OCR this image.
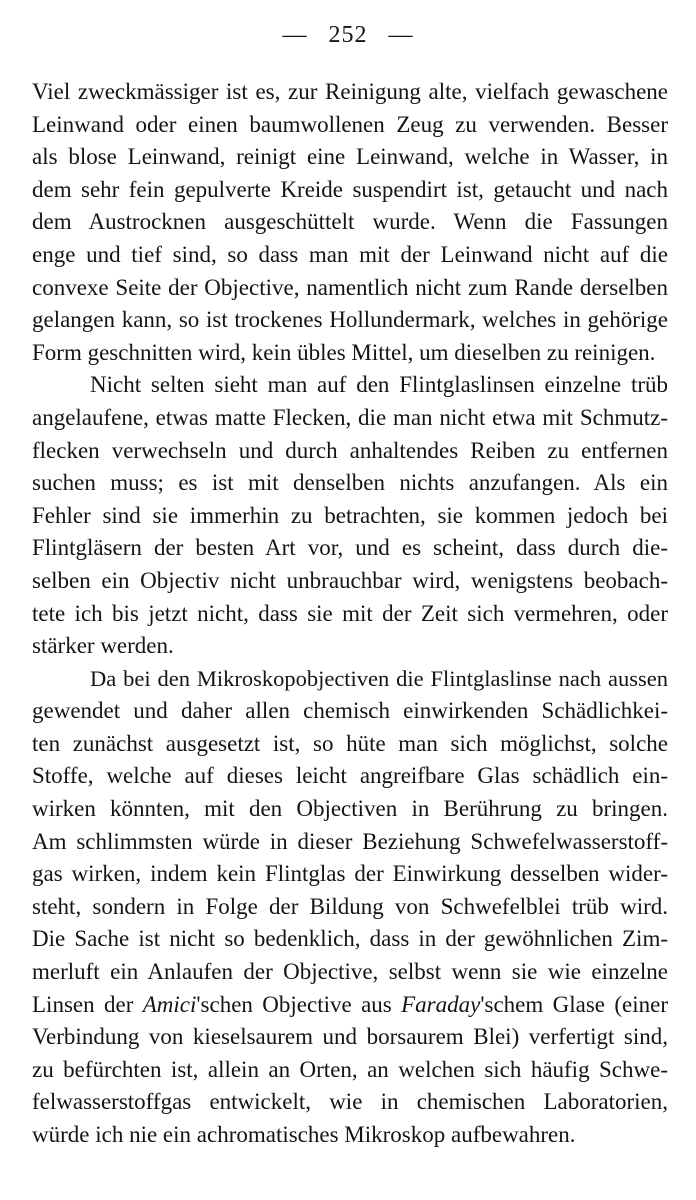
— 252 —
Viel zweckmässiger ist es, zur Reinigung alte, vielfach gewaschene
Leinwand oder einen baumwollenen Zeug zu verwenden. Besser
als blose Leinwand, reinigt eine Leinwand, welche in Wasser, in
dem sehr fein gepulverte Kreide suspendirt ist, getaucht und nach
dem Austrocknen ausgeschüttelt wurde. Wenn die Fassungen
enge und tief sind, so dass man mit der Leinwand nicht auf die
convexe Seite der Objective, namentlich nicht zum Rande derselben
gelangen kann, so ist trockenes Hollundermark, welches in gehörige
Form geschnitten wird, kein übles Mittel, um dieselben zu reinigen.
Nicht selten sieht man auf den Flintglaslinsen einzelne trüb
angelaufene, etwas matte Flecken, die man nicht etwa mit Schmutz-
flecken verwechseln und durch anhaltendes Reiben zu entfernen
suchen muss; es ist mit denselben nichts anzufangen. Als ein
Fehler sind sie immerhin zu betrachten, sie kommen jedoch bei
Flintgläsern der besten Art vor, und es scheint, dass durch die-
selben ein Objectiv nicht unbrauchbar wird, wenigstens beobach-
tete ich bis jetzt nicht, dass sie mit der Zeit sich vermehren, oder
stärker werden.
Da bei den Mikroskopobjectiven die Flintglaslinse nach aussen
gewendet und daher allen chemisch einwirkenden Schädlichkei-
ten zunächst ausgesetzt ist, so hüte man sich möglichst, solche
Stoffe, welche auf dieses leicht angreifbare Glas schädlich ein-
wirken könnten, mit den Objectiven in Berührung zu bringen.
Am schlimmsten würde in dieser Beziehung Schwefelwasserstoff-
gas wirken, indem kein Flintglas der Einwirkung desselben wider-
steht, sondern in Folge der Bildung von Schwefelblei trüb wird.
Die Sache ist nicht so bedenklich, dass in der gewöhnlichen Zim-
merluft ein Anlaufen der Objective, selbst wenn sie wie einzelne
Linsen der Amici'schen Objective aus Faraday'schem Glase (einer
Verbindung von kieselsaurem und borsaurem Blei) verfertigt sind,
zu befürchten ist, allein an Orten, an welchen sich häufig Schwe-
felwasserstoffgas entwickelt, wie in chemischen Laboratorien,
würde ich nie ein achromatisches Mikroskop aufbewahren.
